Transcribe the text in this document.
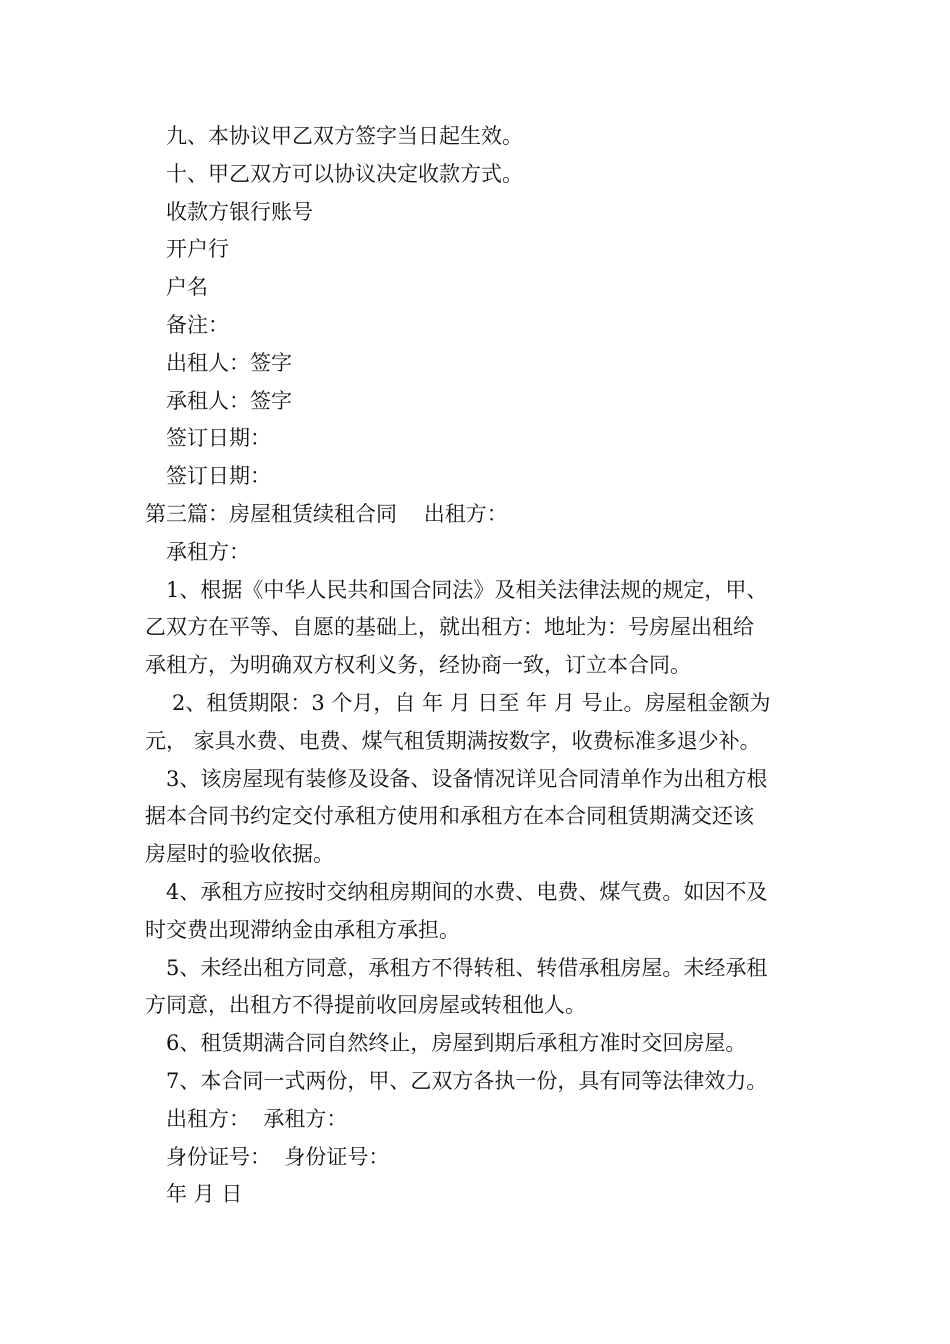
九、本协议甲乙双方签字当日起生效。
十、甲乙双方可以协议决定收款方式。
收款方银行账号
开户行
户名
备注：
出租人：签字
承租人：签字
签订日期：
签订日期：
第三篇：房屋租赁续租合同    出租方：
承租方：
1、根据《中华人民共和国合同法》及相关法律法规的规定，甲、
乙双方在平等、自愿的基础上，就出租方：地址为：号房屋出租给
承租方，为明确双方权利义务，经协商一致，订立本合同。
2、租赁期限：3 个月，自 年 月 日至 年 月 号止。房屋租金额为
元， 家具水费、电费、煤气租赁期满按数字，收费标准多退少补。
3、该房屋现有装修及设备、设备情况详见合同清单作为出租方根
据本合同书约定交付承租方使用和承租方在本合同租赁期满交还该
房屋时的验收依据。
4、承租方应按时交纳租房期间的水费、电费、煤气费。如因不及
时交费出现滞纳金由承租方承担。
5、未经出租方同意，承租方不得转租、转借承租房屋。未经承租
方同意，出租方不得提前收回房屋或转租他人。
6、租赁期满合同自然终止，房屋到期后承租方准时交回房屋。
7、本合同一式两份，甲、乙双方各执一份，具有同等法律效力。
出租方：  承租方：
身份证号：  身份证号：
年 月 日
